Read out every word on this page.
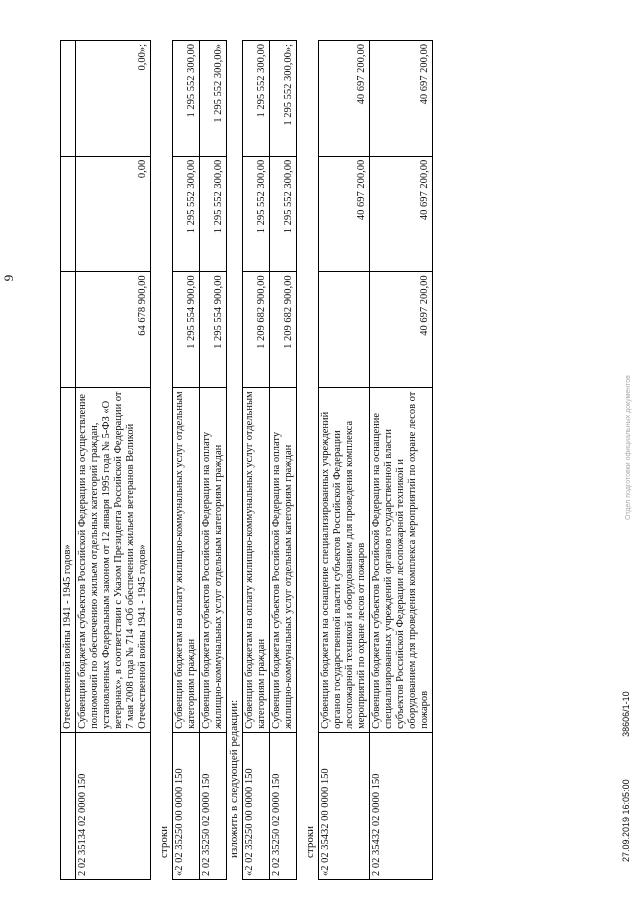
9
	Отечественной войны 1941 - 1945 годов»			
2 02 35134 02 0000 150	Субвенции бюджетам субъектов Российской Федерации на осуществление полномочий по обеспечению жильем отдельных категорий граждан, установленных Федеральным законом от 12 января 1995 года № 5-ФЗ «О ветеранах», в соответствии с Указом Президента Российской Федерации от 7 мая 2008 года № 714 «Об обеспечении жильем ветеранов Великой Отечественной войны 1941 - 1945 годов»	64 678 900,00	0,00	0,00»;
строки «2 02 35250 00 0000 150	Субвенции бюджетам на оплату жилищно-коммунальных услуг отдельным категориям граждан	1 295 554 900,00	1 295 552 300,00	1 295 552 300,00
2 02 35250 02 0000 150	Субвенции бюджетам субъектов Российской Федерации на оплату жилищно-коммунальных услуг отдельным категориям граждан	1 295 554 900,00	1 295 552 300,00	1 295 552 300,00»
изложить в следующей редакции: «2 02 35250 00 0000 150	Субвенции бюджетам на оплату жилищно-коммунальных услуг отдельным категориям граждан	1 209 682 900,00	1 295 552 300,00	1 295 552 300,00
2 02 35250 02 0000 150	Субвенции бюджетам субъектов Российской Федерации на оплату жилищно-коммунальных услуг отдельным категориям граждан	1 209 682 900,00	1 295 552 300,00	1 295 552 300,00»;
строки «2 02 35432 00 0000 150	Субвенции бюджетам на оснащение специализированных учреждений органов государственной власти субъектов Российской Федерации лесопожарной техникой и оборудованием для проведения комплекса мероприятий по охране лесов от пожаров		40 697 200,00	40 697 200,00
2 02 35432 02 0000 150	Субвенции бюджетам субъектов Российской Федерации на оснащение специализированных учреждений органов государственной власти субъектов Российской Федерации лесопожарной техникой и оборудованием для проведения комплекса мероприятий по охране лесов от пожаров	40 697 200,00	40 697 200,00	40 697 200,00
27.09.2019 16:05:00 38606/1-10
Отдел подготовки официальных документов
